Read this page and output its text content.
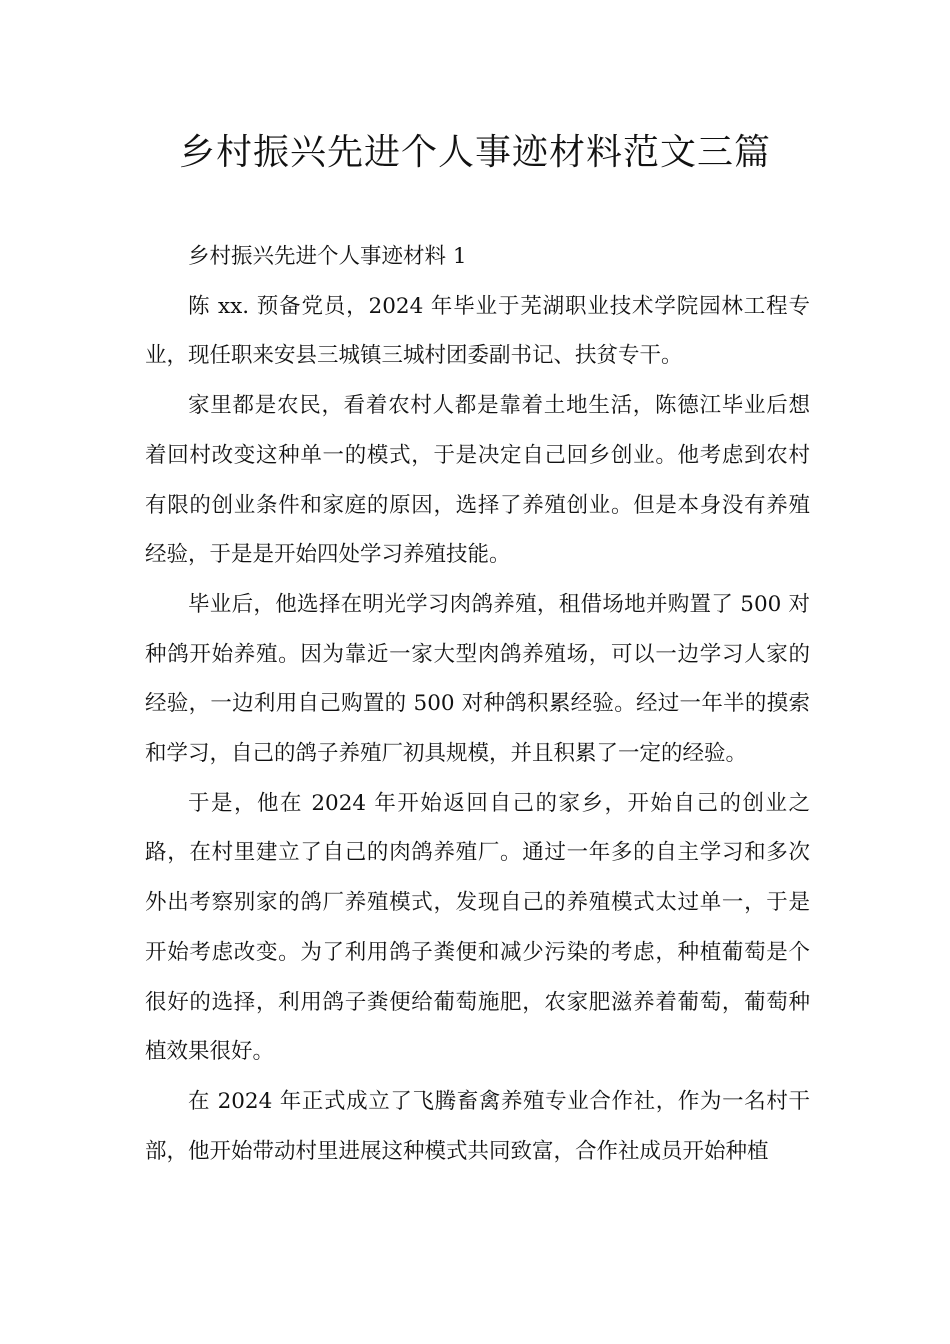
乡村振兴先进个人事迹材料范文三篇

乡村振兴先进个人事迹材料 1

陈 xx. 预备党员，2024 年毕业于芜湖职业技术学院园林工程专业，现任职来安县三城镇三城村团委副书记、扶贫专干。

家里都是农民，看着农村人都是靠着土地生活，陈德江毕业后想着回村改变这种单一的模式，于是决定自己回乡创业。他考虑到农村有限的创业条件和家庭的原因，选择了养殖创业。但是本身没有养殖经验，于是是开始四处学习养殖技能。

毕业后，他选择在明光学习肉鸽养殖，租借场地并购置了 500 对种鸽开始养殖。因为靠近一家大型肉鸽养殖场，可以一边学习人家的经验，一边利用自己购置的 500 对种鸽积累经验。经过一年半的摸索和学习，自己的鸽子养殖厂初具规模，并且积累了一定的经验。

于是，他在 2024 年开始返回自己的家乡，开始自己的创业之路，在村里建立了自己的肉鸽养殖厂。通过一年多的自主学习和多次外出考察别家的鸽厂养殖模式，发现自己的养殖模式太过单一，于是开始考虑改变。为了利用鸽子粪便和减少污染的考虑，种植葡萄是个很好的选择，利用鸽子粪便给葡萄施肥，农家肥滋养着葡萄，葡萄种植效果很好。

在 2024 年正式成立了飞腾畜禽养殖专业合作社，作为一名村干部，他开始带动村里进展这种模式共同致富，合作社成员开始种植
